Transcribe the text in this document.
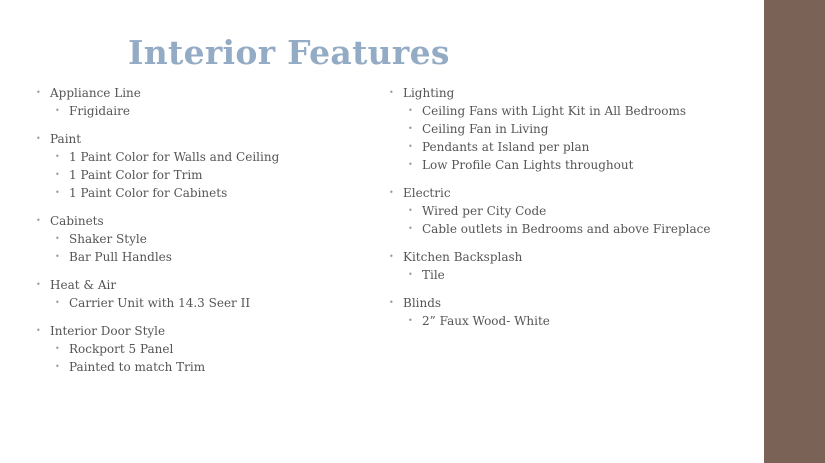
Interior Features
• Appliance Line
• Frigidaire
• Paint
• 1 Paint Color for Walls and Ceiling
• 1 Paint Color for Trim
• 1 Paint Color for Cabinets
• Cabinets
• Shaker Style
• Bar Pull Handles
• Heat & Air
• Carrier Unit with 14.3 Seer II
• Interior Door Style
• Rockport 5 Panel
• Painted to match Trim
• Lighting
• Ceiling Fans with Light Kit in All Bedrooms
• Ceiling Fan in Living
• Pendants at Island per plan
• Low Profile Can Lights throughout
• Electric
• Wired per City Code
• Cable outlets in Bedrooms and above Fireplace
• Kitchen Backsplash
• Tile
• Blinds
• 2” Faux Wood- White
